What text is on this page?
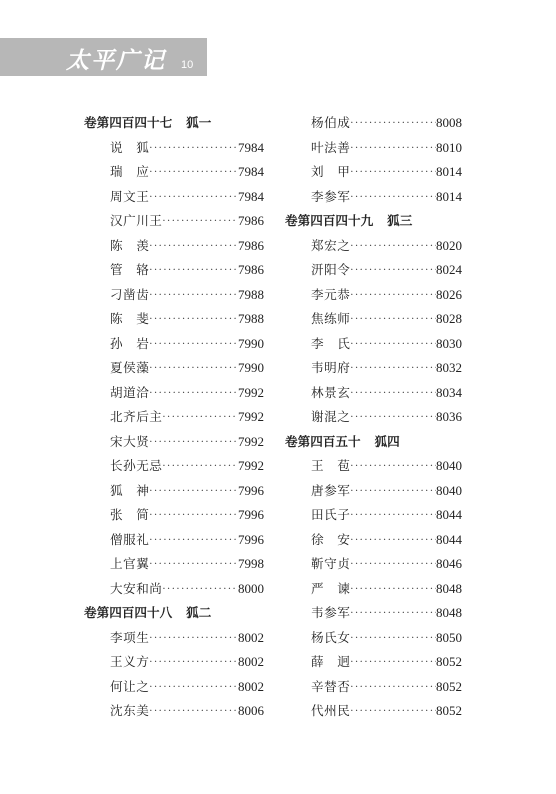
太平广记 10
卷第四百四十七 狐一
说　狐 ·····	7984
瑞　应 ·····	7984
周文王 ·····	7984
汉广川王 ·····	7986
陈　羡 ·····	7986
管　辂 ·····	7986
刁凿齿 ·····	7988
陈　斐 ·····	7988
孙　岩 ·····	7990
夏侯藻 ·····	7990
胡道洽 ·····	7992
北齐后主 ·····	7992
宋大贤 ·····	7992
长孙无忌 ·····	7992
狐　神 ·····	7996
张　简 ·····	7996
僧服礼 ·····	7996
上官翼 ·····	7998
大安和尚 ·····	8000
卷第四百四十八 狐二
李项生 ·····	8002
王义方 ·····	8002
何让之 ·····	8002
沈东美 ·····	8006
杨伯成 ·····	8008
叶法善 ·····	8010
刘　甲 ·····	8014
李参军 ·····	8014
卷第四百四十九 狐三
郑宏之 ·····	8020
汧阳令 ·····	8024
李元恭 ·····	8026
焦练师 ·····	8028
李　氏 ·····	8030
韦明府 ·····	8032
林景玄 ·····	8034
谢混之 ·····	8036
卷第四百五十 狐四
王　苞 ·····	8040
唐参军 ·····	8040
田氏子 ·····	8044
徐　安 ·····	8044
靳守贞 ·····	8046
严　谏 ·····	8048
韦参军 ·····	8048
杨氏女 ·····	8050
薛　迥 ·····	8052
辛替否 ·····	8052
代州民 ·····	8052
